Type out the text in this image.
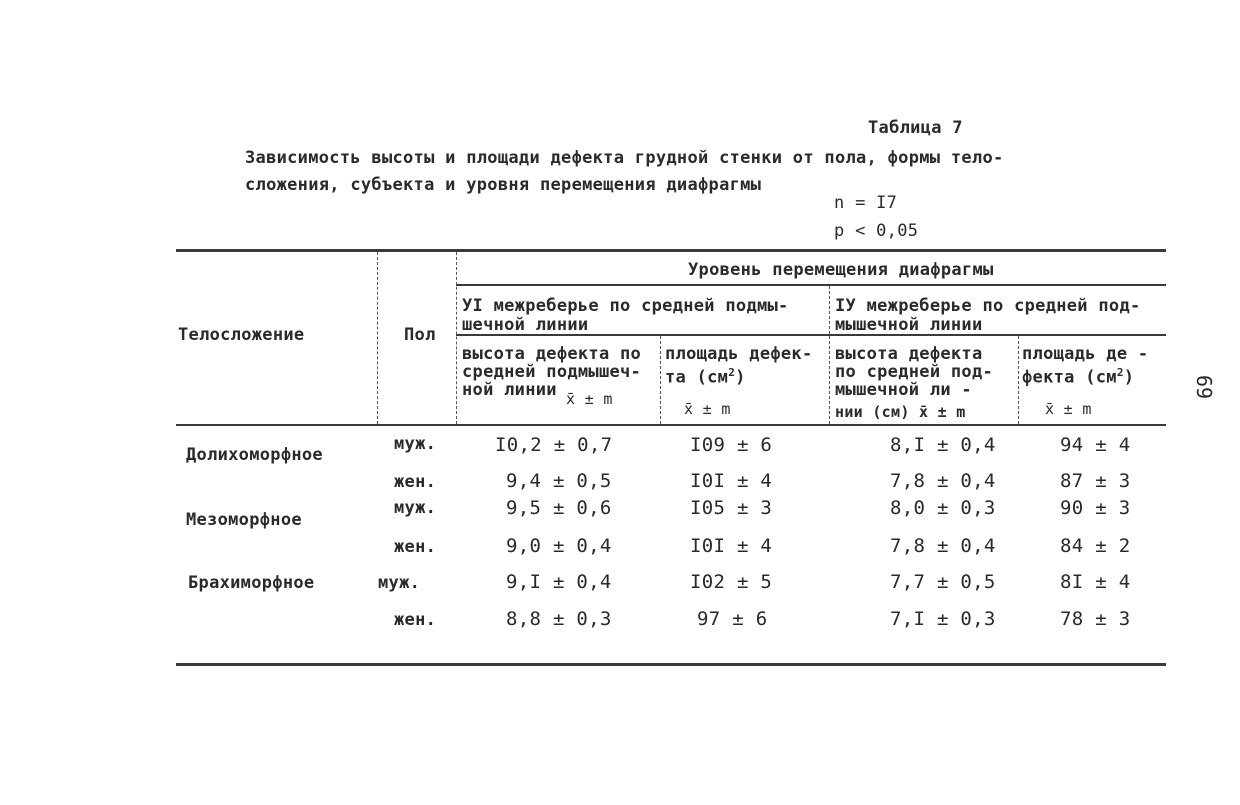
Таблица 7
Зависимость высоты и площади дефекта грудной стенки от пола, формы тело-
сложения, субъекта и уровня перемещения диафрагмы
n = I7
p < 0,05
69
Телосложение	Пол
Уровень перемещения диафрагмы
УI межреберье по средней подмы-
шечной линии
IУ межреберье по средней под-
мышечной линии
высота дефекта по
средней подмышеч-
ной линии x̄ ± m
площадь дефек-
та $(см^2)$
x̄ ± m
высота дефекта
по средней под-
мышечной ли -
нии (см) x̄ ± m
площадь де -
фекта $(см^2)$
x̄ ± m
Долихоморфное
муж.	I0,2 ± 0,7	I09 ± 6	8,I ± 0,4	94 ± 4
жен.	9,4 ± 0,5	I0I ± 4	7,8 ± 0,4	87 ± 3
Мезоморфное
муж.	9,5 ± 0,6	I05 ± 3	8,0 ± 0,3	90 ± 3
жен.	9,0 ± 0,4	I0I ± 4	7,8 ± 0,4	84 ± 2
Брахиморфное	муж.	9,I ± 0,4	I02 ± 5	7,7 ± 0,5	8I ± 4
жен.	8,8 ± 0,3	97 ± 6	7,I ± 0,3	78 ± 3
